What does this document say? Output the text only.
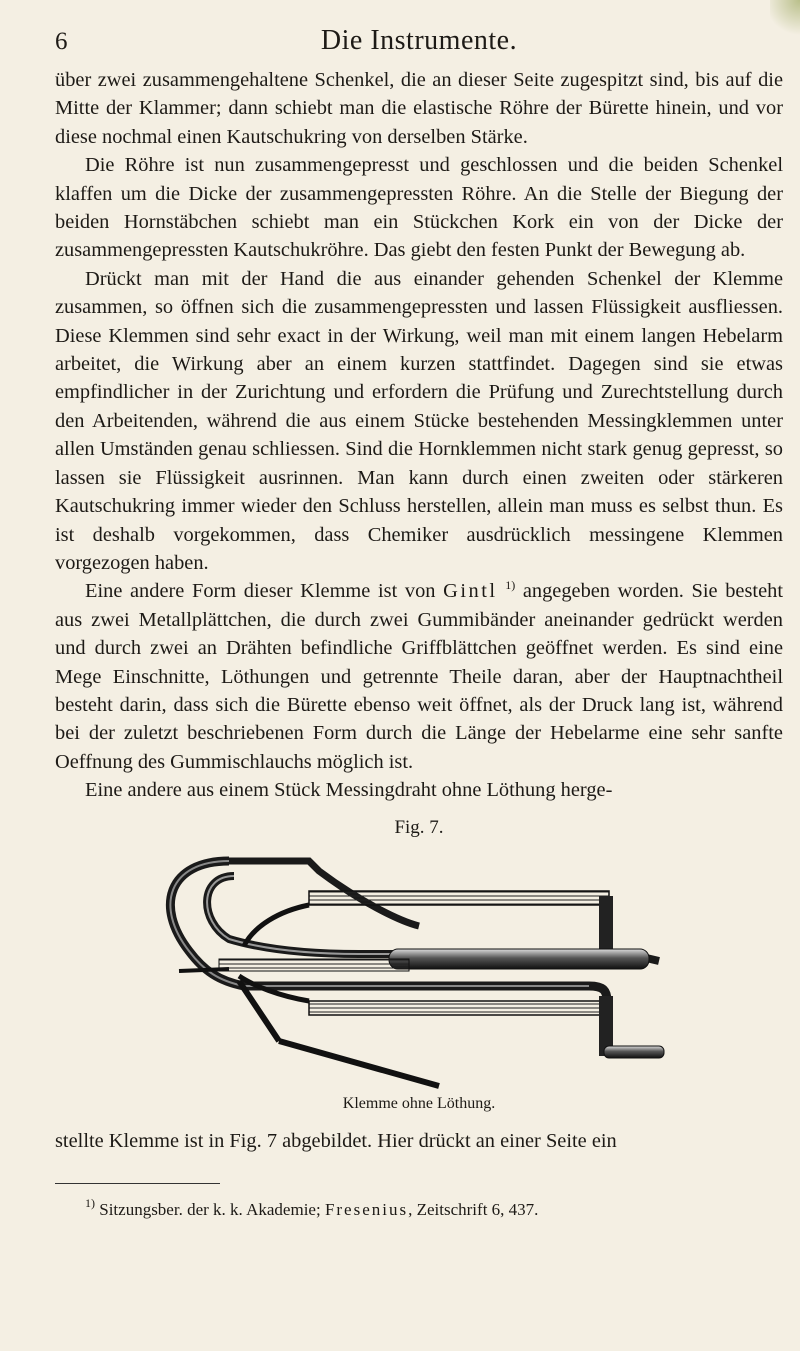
6	Die Instrumente.

über zwei zusammengehaltene Schenkel, die an dieser Seite zugespitzt sind, bis auf die Mitte der Klammer; dann schiebt man die elastische Röhre der Bürette hinein, und vor diese nochmal einen Kautschukring von derselben Stärke.

Die Röhre ist nun zusammengepresst und geschlossen und die beiden Schenkel klaffen um die Dicke der zusammengepressten Röhre. An die Stelle der Biegung der beiden Hornstäbchen schiebt man ein Stückchen Kork ein von der Dicke der zusammengepressten Kautschukröhre. Das giebt den festen Punkt der Bewegung ab.

Drückt man mit der Hand die aus einander gehenden Schenkel der Klemme zusammen, so öffnen sich die zusammengepressten und lassen Flüssigkeit ausfliessen. Diese Klemmen sind sehr exact in der Wirkung, weil man mit einem langen Hebelarm arbeitet, die Wirkung aber an einem kurzen stattfindet. Dagegen sind sie etwas empfindlicher in der Zurichtung und erfordern die Prüfung und Zurechtstellung durch den Arbeitenden, während die aus einem Stücke bestehenden Messingklemmen unter allen Umständen genau schliessen. Sind die Hornklemmen nicht stark genug gepresst, so lassen sie Flüssigkeit ausrinnen. Man kann durch einen zweiten oder stärkeren Kautschukring immer wieder den Schluss herstellen, allein man muss es selbst thun. Es ist deshalb vorgekommen, dass Chemiker ausdrücklich messingene Klemmen vorgezogen haben.

Eine andere Form dieser Klemme ist von Gintl $^{1)}$ angegeben worden. Sie besteht aus zwei Metallplättchen, die durch zwei Gummibänder aneinander gedrückt werden und durch zwei an Drähten befindliche Griffblättchen geöffnet werden. Es sind eine Mege Einschnitte, Löthungen und getrennte Theile daran, aber der Hauptnachtheil besteht darin, dass sich die Bürette ebenso weit öffnet, als der Druck lang ist, während bei der zuletzt beschriebenen Form durch die Länge der Hebelarme eine sehr sanfte Oeffnung des Gummischlauchs möglich ist.

Eine andere aus einem Stück Messingdraht ohne Löthung herge-

Fig. 7.
Klemme ohne Löthung.

stellte Klemme ist in Fig. 7 abgebildet. Hier drückt an einer Seite ein

$^{1)}$ Sitzungsber. der k. k. Akademie; Fresenius, Zeitschrift 6, 437.
